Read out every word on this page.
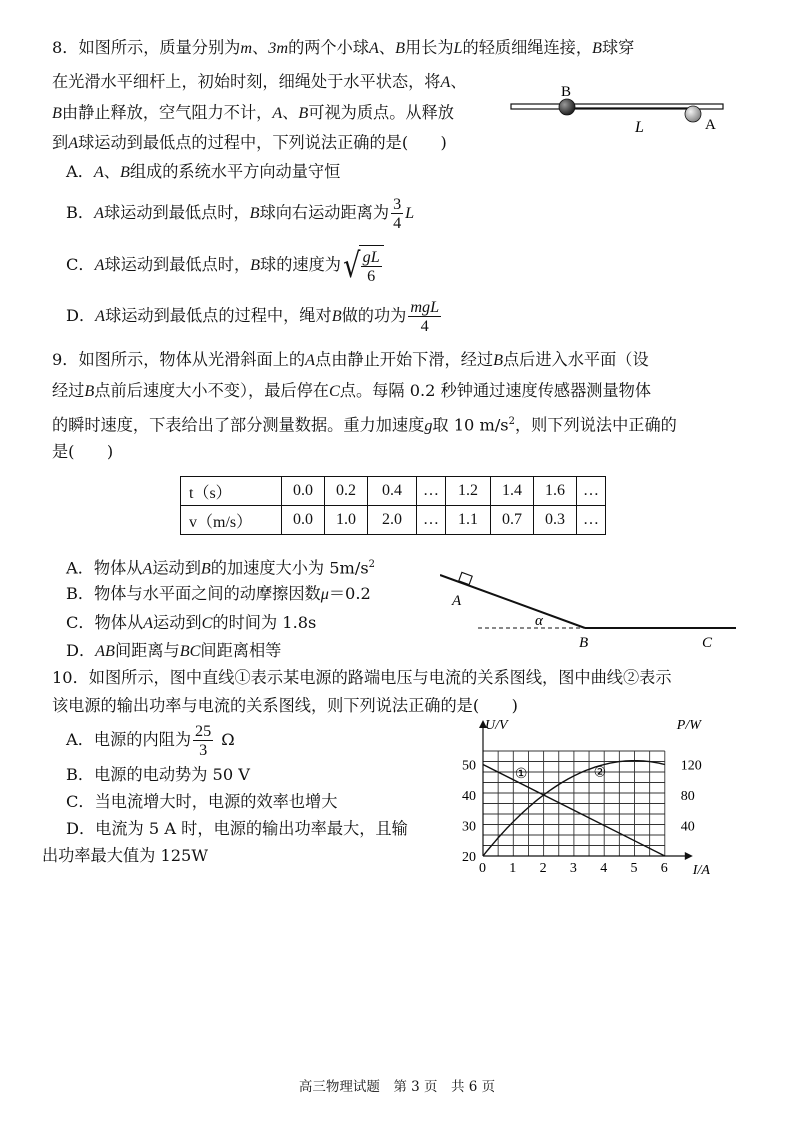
8．如图所示，质量分别为m、3m的两个小球A、B用长为L的轻质细绳连接，B球穿
在光滑水平细杆上，初始时刻，细绳处于水平状态，将A、
B由静止释放，空气阻力不计，A、B可视为质点。从释放
到A球运动到最低点的过程中，下列说法正确的是(　　)
A．A、B组成的系统水平方向动量守恒
B．A球运动到最低点时，B球向右运动距离为 $\frac{3}{4}$ L
C．A球运动到最低点时，B球的速度为√ $\frac{gL}{6}$
D．A球运动到最低点的过程中，绳对B做的功为 $\frac{\text{mgL}}{4}$
B
A
L
9．如图所示，物体从光滑斜面上的A点由静止开始下滑，经过B点后进入水平面（设
经过B点前后速度大小不变），最后停在C点。每隔 0.2 秒钟通过速度传感器测量物体
的瞬时速度，下表给出了部分测量数据。重力加速度g取 10 $m/s^2$，则下列说法中正确的
是(　　)
t（s）	0.0	0.2	0.4	…	1.2	1.4	1.6	…
v（m/s）	0.0	1.0	2.0	…	1.1	0.7	0.3	…
A．物体从A运动到B的加速度大小为 $5m/s^2$
B．物体与水平面之间的动摩擦因数μ＝0.2
C．物体从A运动到C的时间为 1.8s
D．AB间距离与BC间距离相等
A
α
B	C
10．如图所示，图中直线①表示某电源的路端电压与电流的关系图线，图中曲线②表示
该电源的输出功率与电流的关系图线，则下列说法正确的是(　　)
A．电源的内阻为 $\frac{25}{3}$ Ω
B．电源的电动势为 50 V
C．当电流增大时，电源的效率也增大
D．电流为 5 A 时，电源的输出功率最大，且输
出功率最大值为 125W
0 1 2 3 4 5 6
20
30
40
50
40
80
120
①	②
U/V	P/W
I/A
高三物理试题　第 3 页　共 6 页
